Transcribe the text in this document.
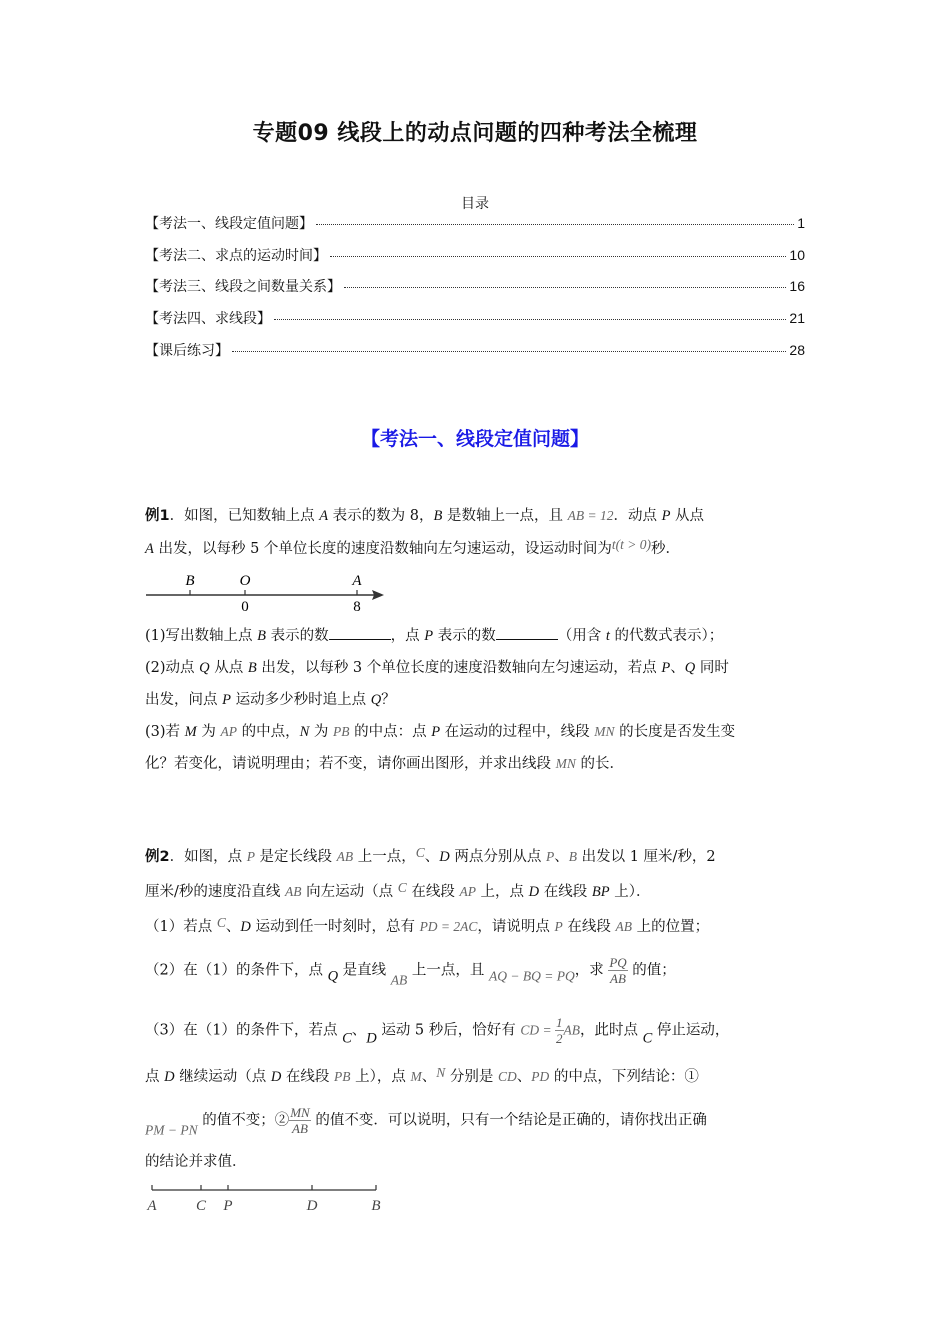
专题09 线段上的动点问题的四种考法全梳理
目录
【考法一、线段定值问题】	1
【考法二、求点的运动时间】	10
【考法三、线段之间数量关系】	16
【考法四、求线段】	21
【课后练习】	28
【考法一、线段定值问题】
例1．如图，已知数轴上点 A 表示的数为 8，B 是数轴上一点，且 AB = 12．动点 P 从点
A 出发，以每秒 5 个单位长度的速度沿数轴向左匀速运动，设运动时间为t(t > 0)秒．
B	O	A
0	8
(1)写出数轴上点 B 表示的数	，点 P 表示的数	（用含 t 的代数式表示）；
(2)动点 Q 从点 B 出发，以每秒 3 个单位长度的速度沿数轴向左匀速运动，若点 P、Q 同时
出发，问点 P 运动多少秒时追上点 Q？
(3)若 M 为 AP 的中点，N 为 PB 的中点：点 P 在运动的过程中，线段 MN 的长度是否发生变
化？若变化，请说明理由；若不变，请你画出图形，并求出线段 MN 的长．
例2．如图，点 P 是定长线段 AB 上一点，C、D 两点分别从点 P、B 出发以 1 厘米/秒，2
厘米/秒的速度沿直线 AB 向左运动（点 C 在线段 AP 上，点 D 在线段 BP 上）．
（1）若点 C、D 运动到任一时刻时，总有 PD = 2AC，请说明点 P 在线段 AB 上的位置；
（2）在（1）的条件下，点 Q 是直线 AB 上一点，且 AQ − BQ = PQ，求 $\frac{PQ}{AB}$ 的值；
（3）在（1）的条件下，若点 C、D 运动 5 秒后，恰好有 CD = $\frac{1}{2}$ AB，此时点 C 停止运动，
点 D 继续运动（点 D 在线段 PB 上），点 M、N 分别是 CD、PD 的中点，下列结论：①
PM − PN 的值不变；② $\frac{MN}{AB}$ 的值不变．可以说明，只有一个结论是正确的，请你找出正确
的结论并求值．
A	C P	D	B
